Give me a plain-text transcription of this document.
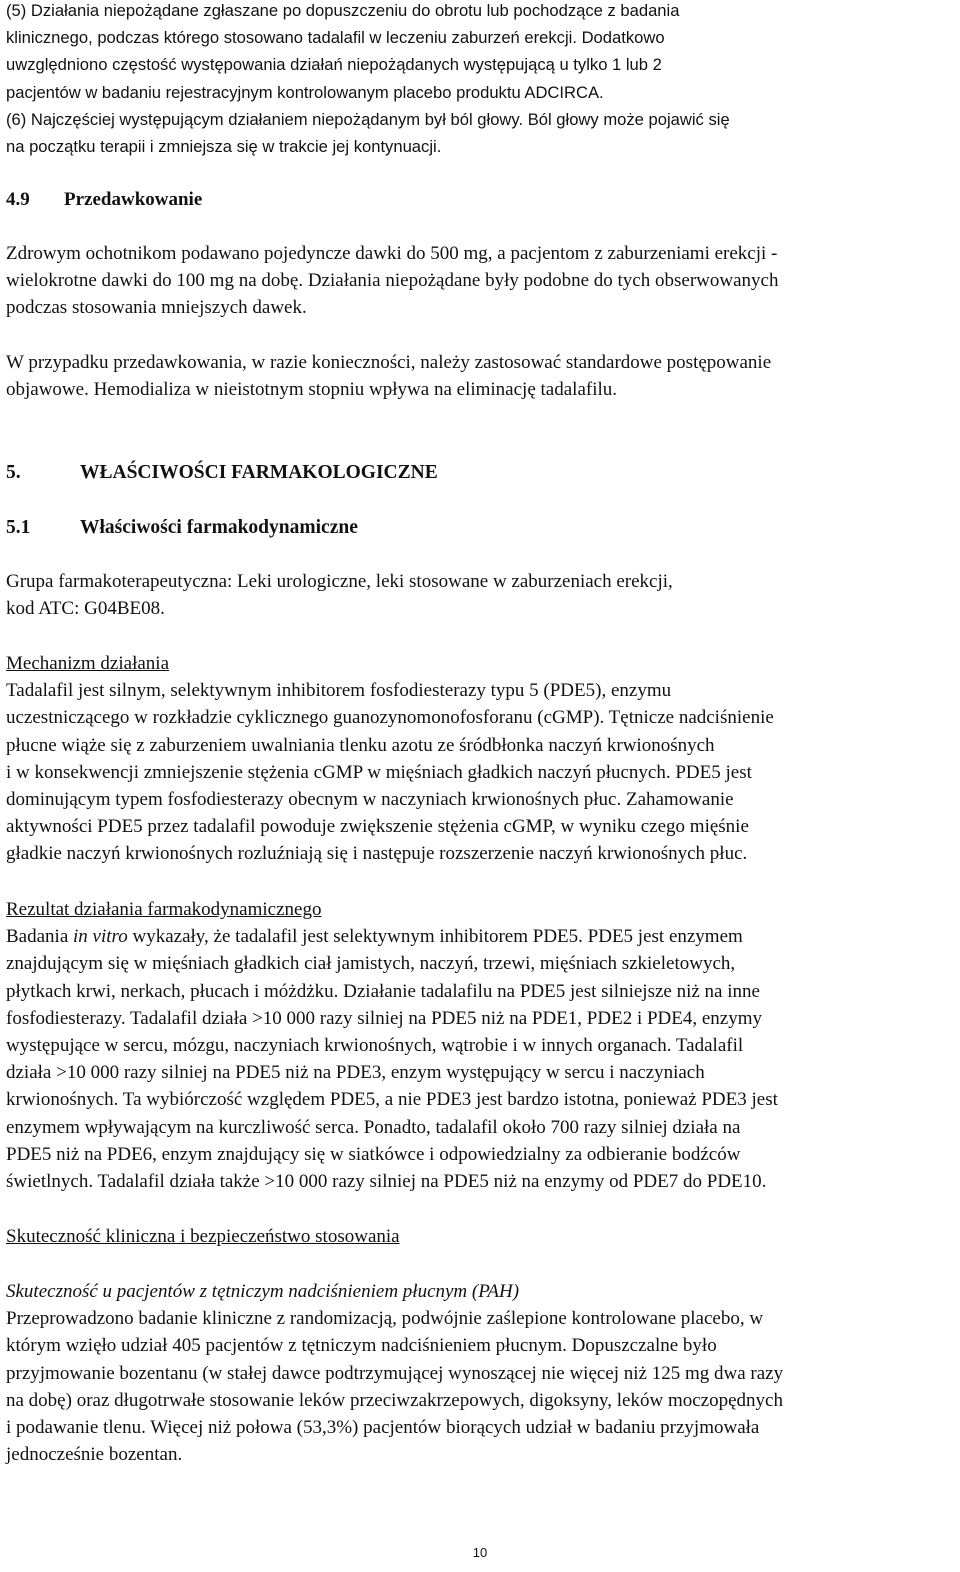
(5) Działania niepożądane zgłaszane po dopuszczeniu do obrotu lub pochodzące z badania
klinicznego, podczas którego stosowano tadalafil w leczeniu zaburzeń erekcji. Dodatkowo
uwzględniono częstość występowania działań niepożądanych występującą u tylko 1 lub 2
pacjentów w badaniu rejestracyjnym kontrolowanym placebo produktu ADCIRCA.

(6) Najczęściej występującym działaniem niepożądanym był ból głowy. Ból głowy może pojawić się
na początku terapii i zmniejsza się w trakcie jej kontynuacji.

4.9 Przedawkowanie

Zdrowym ochotnikom podawano pojedyncze dawki do 500 mg, a pacjentom z zaburzeniami erekcji -
wielokrotne dawki do 100 mg na dobę. Działania niepożądane były podobne do tych obserwowanych
podczas stosowania mniejszych dawek.

W przypadku przedawkowania, w razie konieczności, należy zastosować standardowe postępowanie
objawowe. Hemodializa w nieistotnym stopniu wpływa na eliminację tadalafilu.

5.	WŁAŚCIWOŚCI FARMAKOLOGICZNE
5.1	Właściwości farmakodynamiczne

Grupa farmakoterapeutyczna: Leki urologiczne, leki stosowane w zaburzeniach erekcji,
kod ATC: G04BE08.

Mechanizm działania
Tadalafil jest silnym, selektywnym inhibitorem fosfodiesterazy typu 5 (PDE5), enzymu
uczestniczącego w rozkładzie cyklicznego guanozynomonofosforanu (cGMP). Tętnicze nadciśnienie
płucne wiąże się z zaburzeniem uwalniania tlenku azotu ze śródbłonka naczyń krwionośnych
i w konsekwencji zmniejszenie stężenia cGMP w mięśniach gładkich naczyń płucnych. PDE5 jest
dominującym typem fosfodiesterazy obecnym w naczyniach krwionośnych płuc. Zahamowanie
aktywności PDE5 przez tadalafil powoduje zwiększenie stężenia cGMP, w wyniku czego mięśnie
gładkie naczyń krwionośnych rozluźniają się i następuje rozszerzenie naczyń krwionośnych płuc.

Rezultat działania farmakodynamicznego
Badania in vitro wykazały, że tadalafil jest selektywnym inhibitorem PDE5. PDE5 jest enzymem
znajdującym się w mięśniach gładkich ciał jamistych, naczyń, trzewi, mięśniach szkieletowych,
płytkach krwi, nerkach, płucach i móżdżku. Działanie tadalafilu na PDE5 jest silniejsze niż na inne
fosfodiesterazy. Tadalafil działa >10 000 razy silniej na PDE5 niż na PDE1, PDE2 i PDE4, enzymy
występujące w sercu, mózgu, naczyniach krwionośnych, wątrobie i w innych organach. Tadalafil
działa >10 000 razy silniej na PDE5 niż na PDE3, enzym występujący w sercu i naczyniach
krwionośnych. Ta wybiórczość względem PDE5, a nie PDE3 jest bardzo istotna, ponieważ PDE3 jest
enzymem wpływającym na kurczliwość serca. Ponadto, tadalafil około 700 razy silniej działa na
PDE5 niż na PDE6, enzym znajdujący się w siatkówce i odpowiedzialny za odbieranie bodźców
świetlnych. Tadalafil działa także >10 000 razy silniej na PDE5 niż na enzymy od PDE7 do PDE10.

Skuteczność kliniczna i bezpieczeństwo stosowania

Skuteczność u pacjentów z tętniczym nadciśnieniem płucnym (PAH)
Przeprowadzono badanie kliniczne z randomizacją, podwójnie zaślepione kontrolowane placebo, w
którym wzięło udział 405 pacjentów z tętniczym nadciśnieniem płucnym. Dopuszczalne było
przyjmowanie bozentanu (w stałej dawce podtrzymującej wynoszącej nie więcej niż 125 mg dwa razy
na dobę) oraz długotrwałe stosowanie leków przeciwzakrzepowych, digoksyny, leków moczopędnych
i podawanie tlenu. Więcej niż połowa (53,3%) pacjentów biorących udział w badaniu przyjmowała
jednocześnie bozentan.

10
